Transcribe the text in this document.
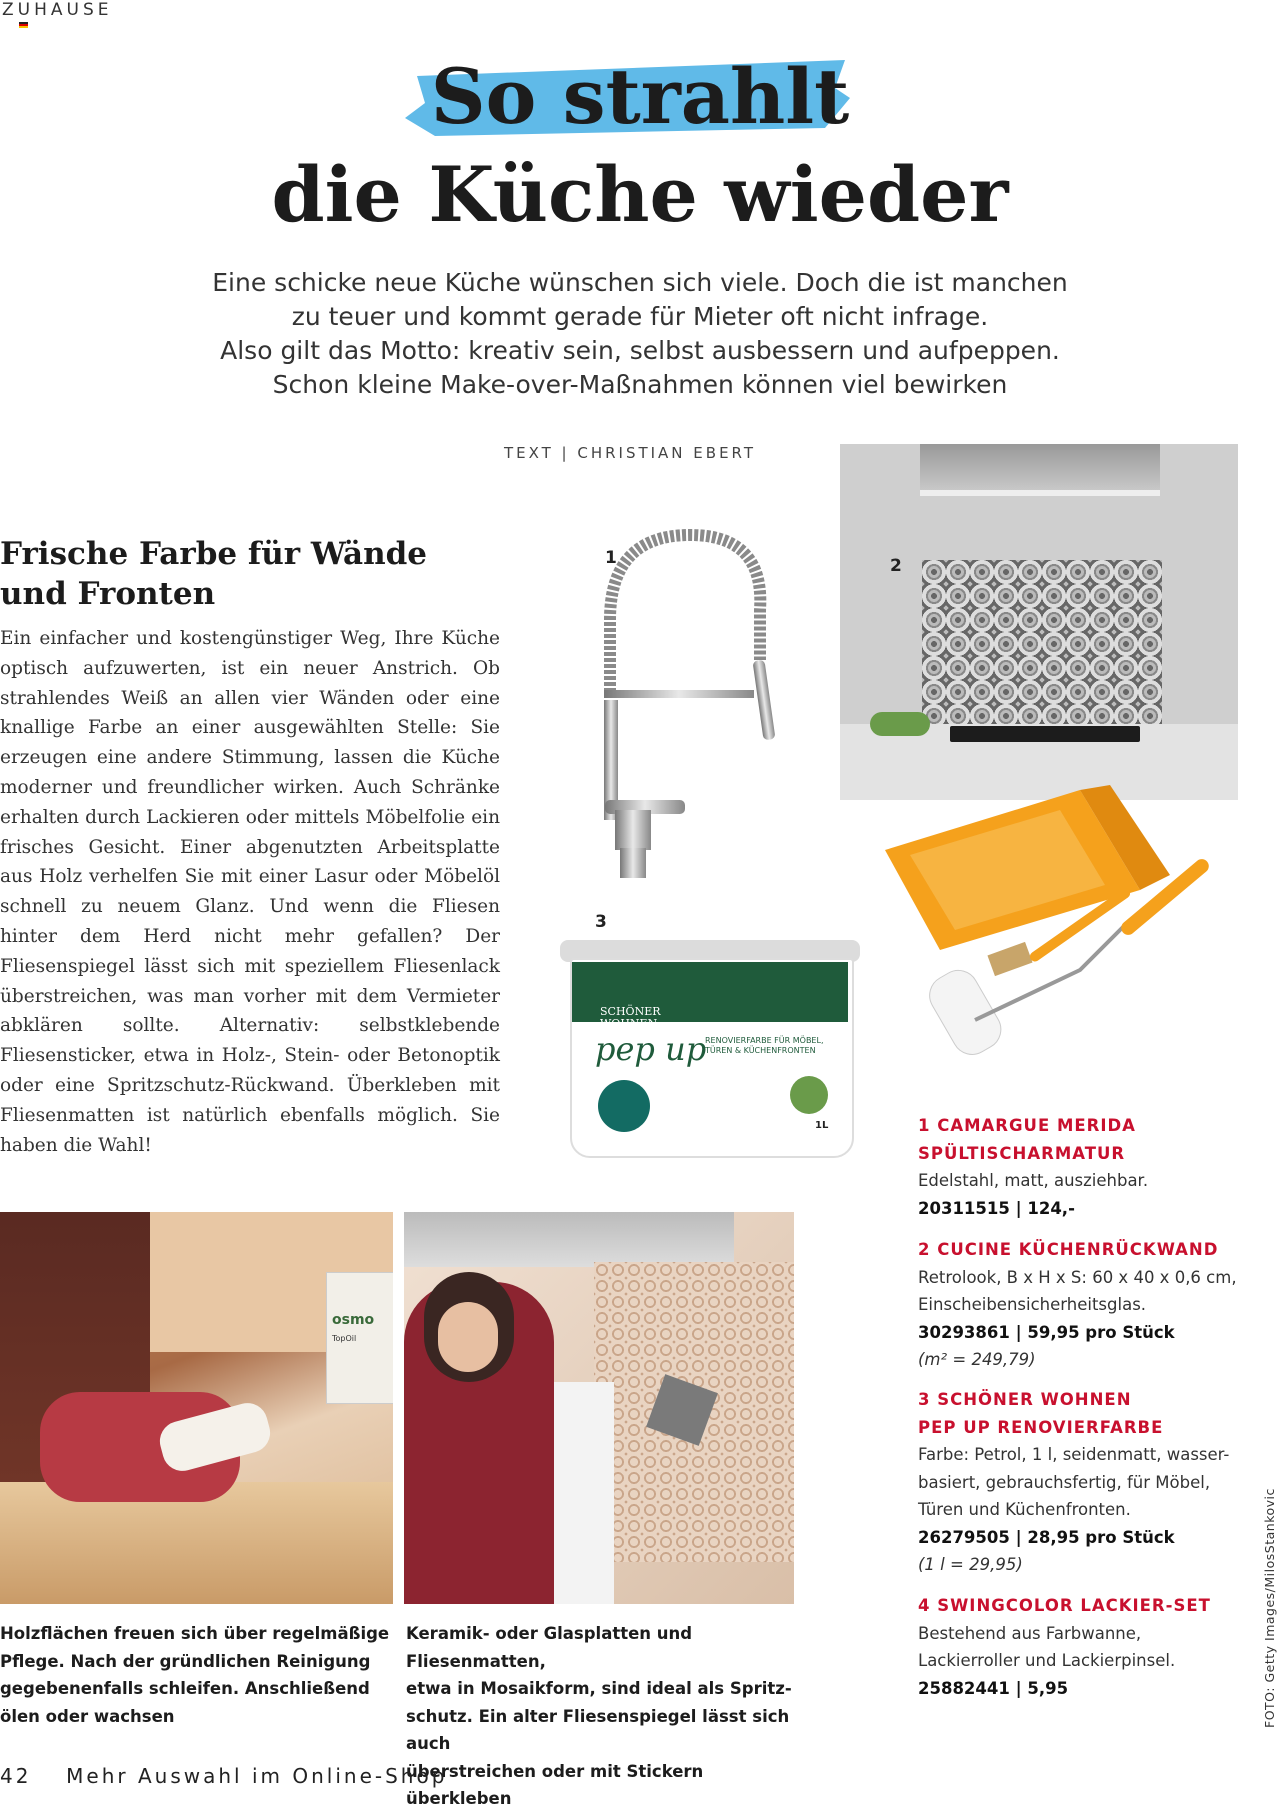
ZUHAUSE
So strahlt
die Küche wieder
Eine schicke neue Küche wünschen sich viele. Doch die ist manchen
zu teuer und kommt gerade für Mieter oft nicht infrage.
Also gilt das Motto: kreativ sein, selbst ausbessern und aufpeppen.
Schon kleine Make-over-Maßnahmen können viel bewirken
TEXT | CHRISTIAN EBERT
Frische Farbe für Wände
und Fronten
Ein einfacher und kostengünstiger Weg, Ihre Küche optisch aufzuwerten, ist ein neuer Anstrich. Ob strahlendes Weiß an allen vier Wänden oder eine knallige Farbe an einer ausgewählten Stelle: Sie erzeugen eine andere Stimmung, lassen die Küche moderner und freundlicher wirken. Auch Schränke erhalten durch Lackieren oder mittels Möbelfolie ein frisches Gesicht. Einer abgenutzten Arbeitsplatte aus Holz verhelfen Sie mit einer Lasur oder Möbelöl schnell zu neuem Glanz. Und wenn die Fliesen hinter dem Herd nicht mehr gefallen? Der Fliesenspiegel lässt sich mit speziellem Fliesenlack überstreichen, was man vorher mit dem Vermieter abklären sollte. Alternativ: selbstklebende Fliesensticker, etwa in Holz-, Stein- oder Betonoptik oder eine Spritzschutz-Rückwand. Überkleben mit Fliesenmatten ist natürlich ebenfalls möglich. Sie haben die Wahl!
1	2
3
SCHÖNER WOHNEN
pep up
RENOVIERFARBE FÜR MÖBEL,
TÜREN & KÜCHENFRONTEN
1L	1 CAMARGUE MERIDA
SPÜLTISCHARMATUR
Edelstahl, matt, ausziehbar.
20311515 | 124,-
2 CUCINE KÜCHENRÜCKWAND
Retrolook, B x H x S: 60 x 40 x 0,6 cm,
Einscheibensicherheitsglas.
30293861 | 59,95 pro Stück
(m² = 249,79)
3 SCHÖNER WOHNEN
PEP UP RENOVIERFARBE
Farbe: Petrol, 1 l, seidenmatt, wasser-
basiert, gebrauchsfertig, für Möbel,
Türen und Küchenfronten.
26279505 | 28,95 pro Stück
(1 l = 29,95)
4 SWINGCOLOR LACKIER-SET
Bestehend aus Farbwanne,
Lackierroller und Lackierpinsel.
25882441 | 5,95
osmo
TopOil
Holzflächen freuen sich über regelmäßige
Pflege. Nach der gründlichen Reinigung
gegebenenfalls schleifen. Anschließend
ölen oder wachsen
Keramik- oder Glasplatten und Fliesenmatten,
etwa in Mosaikform, sind ideal als Spritz-
schutz. Ein alter Fliesenspiegel lässt sich auch
überstreichen oder mit Stickern überkleben
42 Mehr Auswahl im Online-Shop
FOTO: Getty Images/MilosStankovic
